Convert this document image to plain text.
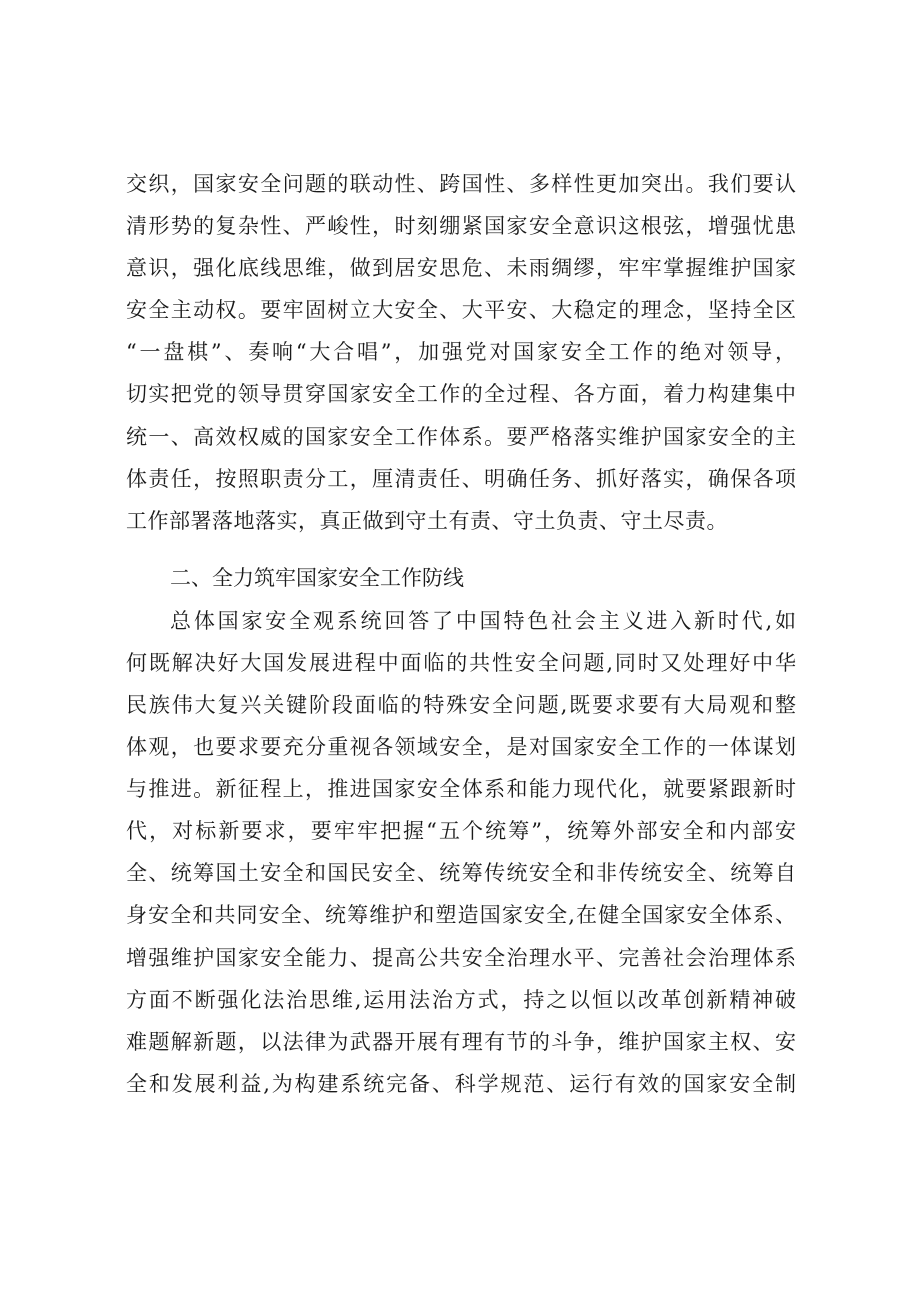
交织，国家安全问题的联动性、跨国性、多样性更加突出。我们要认
清形势的复杂性、严峻性，时刻绷紧国家安全意识这根弦，增强忧患
意识，强化底线思维，做到居安思危、未雨绸缪，牢牢掌握维护国家
安全主动权。要牢固树立大安全、大平安、大稳定的理念，坚持全区
“一盘棋”、奏响“大合唱”，加强党对国家安全工作的绝对领导，
切实把党的领导贯穿国家安全工作的全过程、各方面，着力构建集中
统一、高效权威的国家安全工作体系。要严格落实维护国家安全的主
体责任，按照职责分工，厘清责任、明确任务、抓好落实，确保各项
工作部署落地落实，真正做到守土有责、守土负责、守土尽责。
二、全力筑牢国家安全工作防线
总体国家安全观系统回答了中国特色社会主义进入新时代,如
何既解决好大国发展进程中面临的共性安全问题,同时又处理好中华
民族伟大复兴关键阶段面临的特殊安全问题,既要求要有大局观和整
体观，也要求要充分重视各领域安全，是对国家安全工作的一体谋划
与推进。新征程上，推进国家安全体系和能力现代化，就要紧跟新时
代，对标新要求，要牢牢把握“五个统筹”，统筹外部安全和内部安
全、统筹国土安全和国民安全、统筹传统安全和非传统安全、统筹自
身安全和共同安全、统筹维护和塑造国家安全,在健全国家安全体系、
增强维护国家安全能力、提高公共安全治理水平、完善社会治理体系
方面不断强化法治思维,运用法治方式，持之以恒以改革创新精神破
难题解新题，以法律为武器开展有理有节的斗争，维护国家主权、安
全和发展利益,为构建系统完备、科学规范、运行有效的国家安全制
